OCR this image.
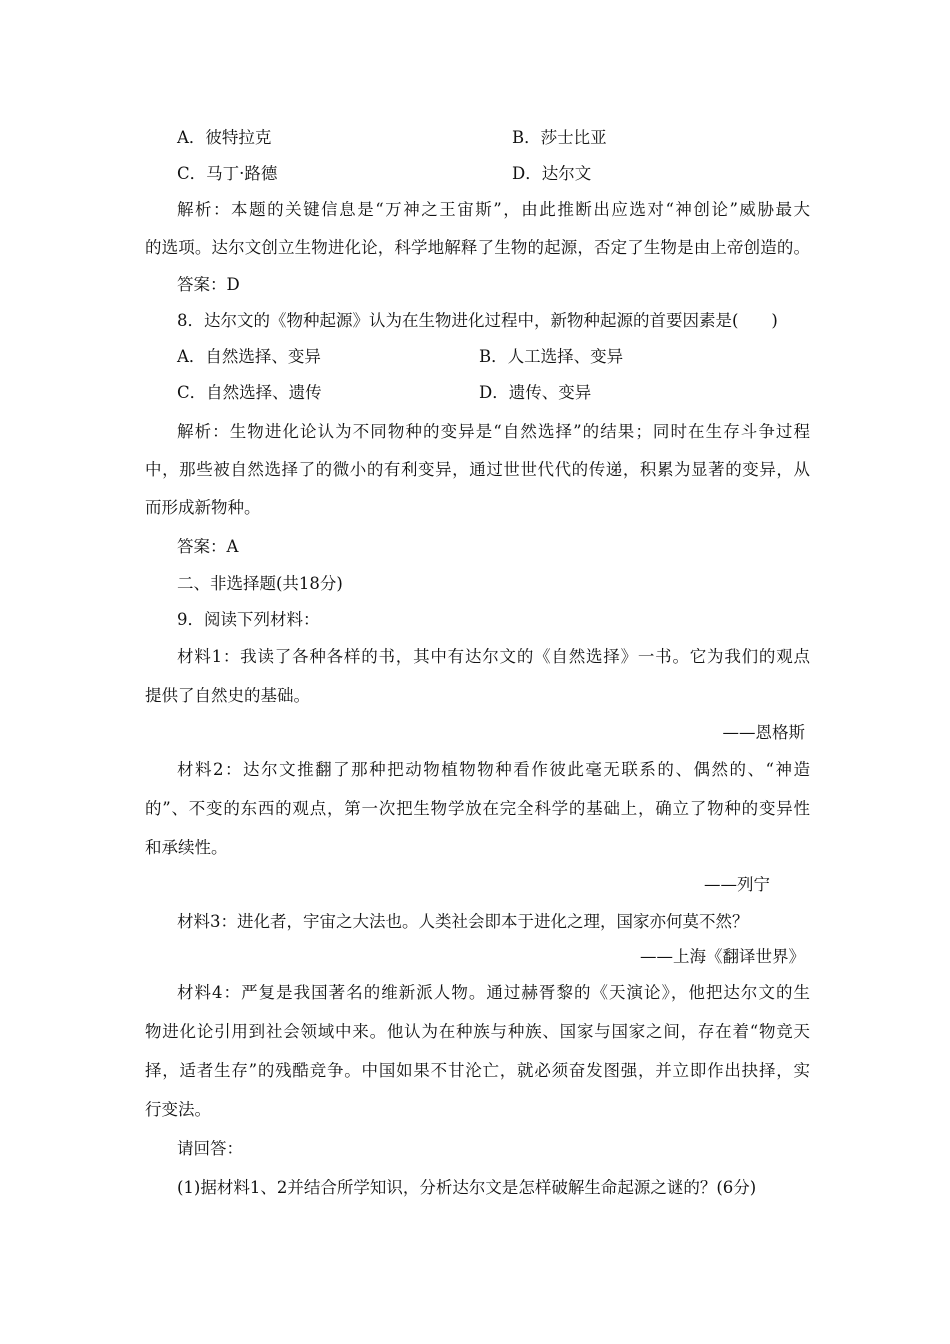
A．彼特拉克	B．莎士比亚
C．马丁·路德	D．达尔文
解析：本题的关键信息是“万神之王宙斯”，由此推断出应选对“神创论”威胁最大
的选项。达尔文创立生物进化论，科学地解释了生物的起源，否定了生物是由上帝创造的。
答案：D
8．达尔文的《物种起源》认为在生物进化过程中，新物种起源的首要因素是(　　)
A．自然选择、变异	B．人工选择、变异
C．自然选择、遗传	D．遗传、变异
解析：生物进化论认为不同物种的变异是“自然选择”的结果；同时在生存斗争过程
中，那些被自然选择了的微小的有利变异，通过世世代代的传递，积累为显著的变异，从
而形成新物种。
答案：A
二、非选择题(共18分)
9．阅读下列材料：
材料1：我读了各种各样的书，其中有达尔文的《自然选择》一书。它为我们的观点
提供了自然史的基础。
——恩格斯
材料2：达尔文推翻了那种把动物植物物种看作彼此毫无联系的、偶然的、“神造
的”、不变的东西的观点，第一次把生物学放在完全科学的基础上，确立了物种的变异性
和承续性。
——列宁
材料3：进化者，宇宙之大法也。人类社会即本于进化之理，国家亦何莫不然？
——上海《翻译世界》
材料4：严复是我国著名的维新派人物。通过赫胥黎的《天演论》，他把达尔文的生
物进化论引用到社会领域中来。他认为在种族与种族、国家与国家之间，存在着“物竞天
择，适者生存”的残酷竞争。中国如果不甘沦亡，就必须奋发图强，并立即作出抉择，实
行变法。
请回答：
(1)据材料1、2并结合所学知识，分析达尔文是怎样破解生命起源之谜的？(6分)
